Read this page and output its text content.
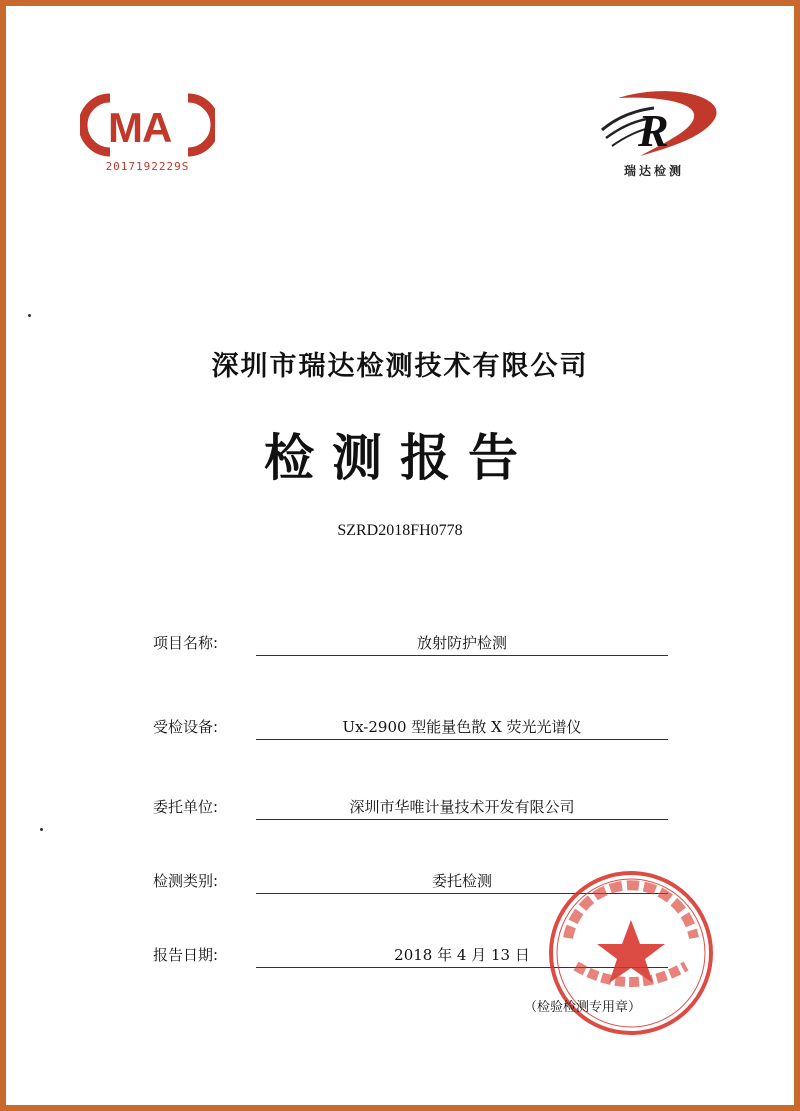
MA
2017192229S
R
瑞达检测
深圳市瑞达检测技术有限公司
检测报告
SZRD2018FH0778
项目名称:	放射防护检测
受检设备:	Ux-2900 型能量色散 X 荧光光谱仪
委托单位:	深圳市华唯计量技术开发有限公司
检测类别:	委托检测
报告日期:	2018 年 4 月 13 日
（检验检测专用章）
